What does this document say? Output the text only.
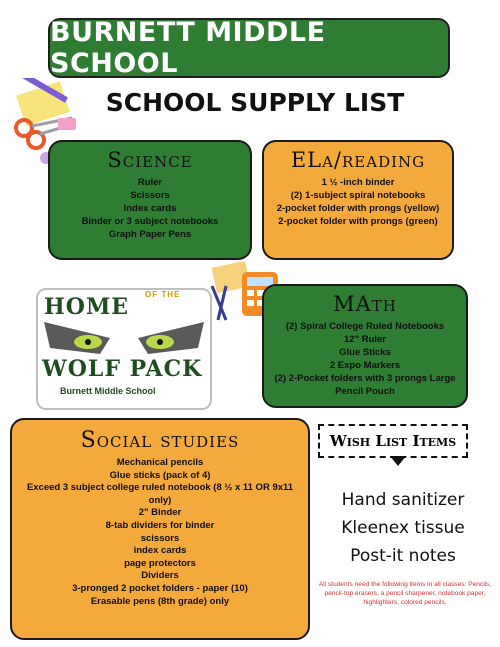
BURNETT MIDDLE SCHOOL
SCHOOL SUPPLY LIST
Science
Ruler
Scissors
Index cards
Binder or 3 subject notebooks
Graph Paper Pens
ELa/reading
1 ½ -inch binder
(2) 1-subject spiral notebooks
2-pocket folder with prongs (yellow)
2-pocket folder with prongs (green)
HOME OF THE
WOLF PACK
Burnett Middle School
MAth
(2) Spiral College Ruled Notebooks
12" Ruler
Glue Sticks
2 Expo Markers
(2) 2-Pocket folders with 3 prongs Large
Pencil Pouch
Social studies
Mechanical pencils
Glue sticks (pack of 4)
Exceed 3 subject college ruled notebook (8 ½ x 11 OR 9x11 only)
2" Binder
8-tab dividers for binder
scissors
index cards
page protectors
Dividers
3-pronged 2 pocket folders - paper (10)
Erasable pens (8th grade) only
Wish List Items
Hand sanitizer
Kleenex tissue
Post-it notes
All students need the following items in all classes: Pencils, pencil-top erasers, a pencil sharpener, notebook paper, highlighters, colored pencils.
